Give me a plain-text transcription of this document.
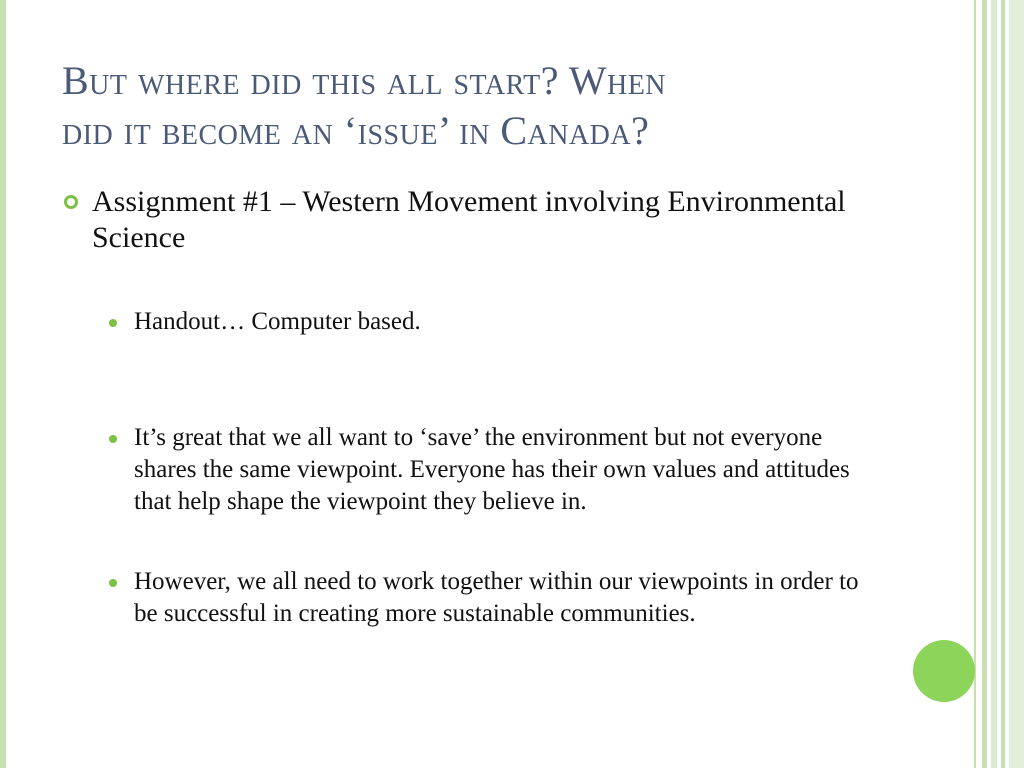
But where did this all start? When
did it become an ‘issue’ in Canada?
Assignment #1 – Western Movement involving Environmental Science
Handout… Computer based.
It’s great that we all want to ‘save’ the environment but not everyone shares the same viewpoint. Everyone has their own values and attitudes that help shape the viewpoint they believe in.
However, we all need to work together within our viewpoints in order to be successful in creating more sustainable communities.
